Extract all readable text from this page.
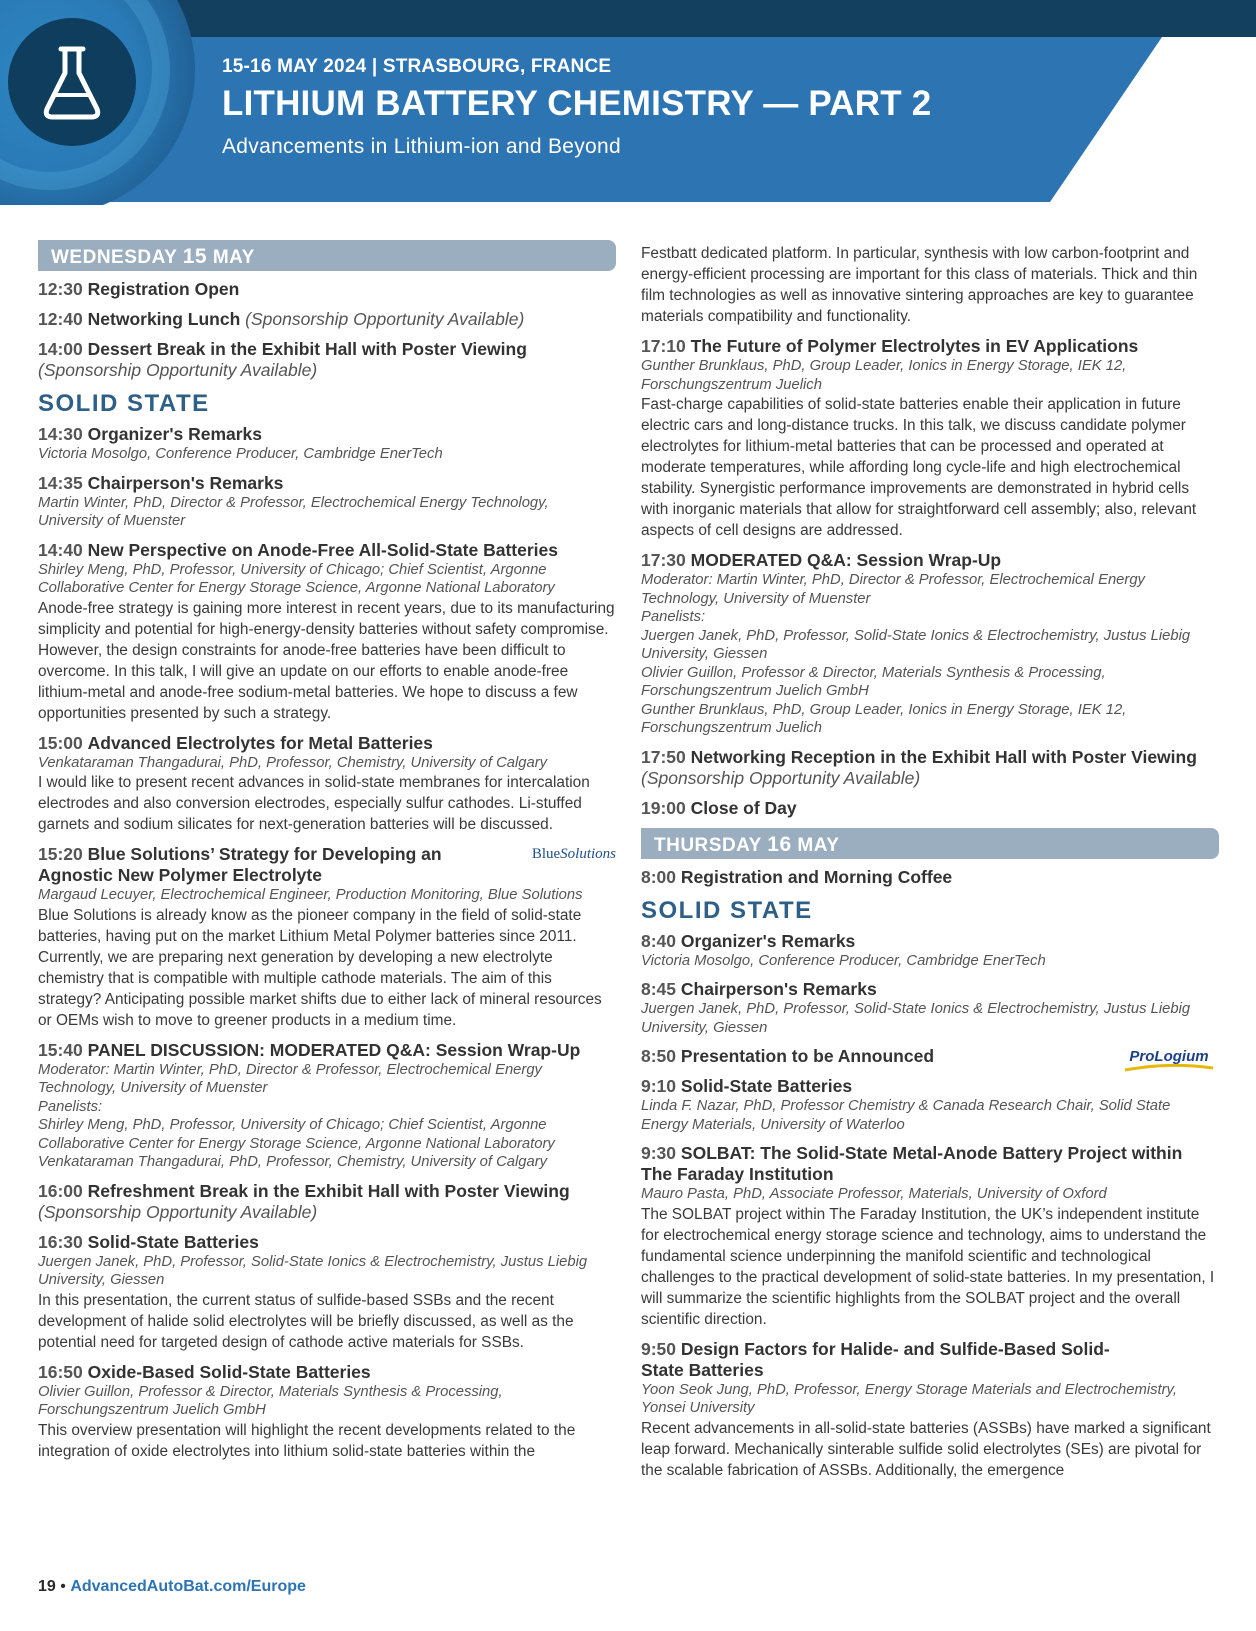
15-16 MAY 2024 | STRASBOURG, FRANCE
LITHIUM BATTERY CHEMISTRY — PART 2
Advancements in Lithium-ion and Beyond
WEDNESDAY 15 MAY
12:30 Registration Open
12:40 Networking Lunch (Sponsorship Opportunity Available)
14:00 Dessert Break in the Exhibit Hall with Poster Viewing
(Sponsorship Opportunity Available)
SOLID STATE
14:30 Organizer's Remarks
Victoria Mosolgo, Conference Producer, Cambridge EnerTech
14:35 Chairperson's Remarks
Martin Winter, PhD, Director & Professor, Electrochemical Energy Technology, University of Muenster
14:40 New Perspective on Anode-Free All-Solid-State Batteries
Shirley Meng, PhD, Professor, University of Chicago; Chief Scientist, Argonne Collaborative Center for Energy Storage Science, Argonne National Laboratory
Anode-free strategy is gaining more interest in recent years, due to its manufacturing simplicity and potential for high-energy-density batteries without safety compromise. However, the design constraints for anode-free batteries have been difficult to overcome. In this talk, I will give an update on our efforts to enable anode-free lithium-metal and anode-free sodium-metal batteries. We hope to discuss a few opportunities presented by such a strategy.
15:00 Advanced Electrolytes for Metal Batteries
Venkataraman Thangadurai, PhD, Professor, Chemistry, University of Calgary
I would like to present recent advances in solid-state membranes for intercalation electrodes and also conversion electrodes, especially sulfur cathodes. Li-stuffed garnets and sodium silicates for next-generation batteries will be discussed.
BlueSolutions
15:20 Blue Solutions’ Strategy for Developing an
Agnostic New Polymer Electrolyte
Margaud Lecuyer, Electrochemical Engineer, Production Monitoring, Blue Solutions
Blue Solutions is already know as the pioneer company in the field of solid-state batteries, having put on the market Lithium Metal Polymer batteries since 2011. Currently, we are preparing next generation by developing a new electrolyte chemistry that is compatible with multiple cathode materials. The aim of this strategy? Anticipating possible market shifts due to either lack of mineral resources or OEMs wish to move to greener products in a medium time.
15:40 PANEL DISCUSSION: MODERATED Q&A: Session Wrap-Up
Moderator: Martin Winter, PhD, Director & Professor, Electrochemical Energy Technology, University of Muenster
Panelists:
Shirley Meng, PhD, Professor, University of Chicago; Chief Scientist, Argonne Collaborative Center for Energy Storage Science, Argonne National Laboratory
Venkataraman Thangadurai, PhD, Professor, Chemistry, University of Calgary
16:00 Refreshment Break in the Exhibit Hall with Poster Viewing
(Sponsorship Opportunity Available)
16:30 Solid-State Batteries
Juergen Janek, PhD, Professor, Solid-State Ionics & Electrochemistry, Justus Liebig University, Giessen
In this presentation, the current status of sulfide-based SSBs and the recent development of halide solid electrolytes will be briefly discussed, as well as the potential need for targeted design of cathode active materials for SSBs.
16:50 Oxide-Based Solid-State Batteries
Olivier Guillon, Professor & Director, Materials Synthesis & Processing, Forschungszentrum Juelich GmbH
This overview presentation will highlight the recent developments related to the integration of oxide electrolytes into lithium solid-state batteries within the
Festbatt dedicated platform. In particular, synthesis with low carbon-footprint and energy-efficient processing are important for this class of materials. Thick and thin film technologies as well as innovative sintering approaches are key to guarantee materials compatibility and functionality.
17:10 The Future of Polymer Electrolytes in EV Applications
Gunther Brunklaus, PhD, Group Leader, Ionics in Energy Storage, IEK 12, Forschungszentrum Juelich
Fast-charge capabilities of solid-state batteries enable their application in future electric cars and long-distance trucks. In this talk, we discuss candidate polymer electrolytes for lithium-metal batteries that can be processed and operated at moderate temperatures, while affording long cycle-life and high electrochemical stability. Synergistic performance improvements are demonstrated in hybrid cells with inorganic materials that allow for straightforward cell assembly; also, relevant aspects of cell designs are addressed.
17:30 MODERATED Q&A: Session Wrap-Up
Moderator: Martin Winter, PhD, Director & Professor, Electrochemical Energy Technology, University of Muenster
Panelists:
Juergen Janek, PhD, Professor, Solid-State Ionics & Electrochemistry, Justus Liebig University, Giessen
Olivier Guillon, Professor & Director, Materials Synthesis & Processing, Forschungszentrum Juelich GmbH
Gunther Brunklaus, PhD, Group Leader, Ionics in Energy Storage, IEK 12, Forschungszentrum Juelich
17:50 Networking Reception in the Exhibit Hall with Poster Viewing
(Sponsorship Opportunity Available)
19:00 Close of Day
THURSDAY 16 MAY
8:00 Registration and Morning Coffee
SOLID STATE
8:40 Organizer's Remarks
Victoria Mosolgo, Conference Producer, Cambridge EnerTech
8:45 Chairperson's Remarks
Juergen Janek, PhD, Professor, Solid-State Ionics & Electrochemistry, Justus Liebig University, Giessen
ProLogium
8:50 Presentation to be Announced
9:10 Solid-State Batteries
Linda F. Nazar, PhD, Professor Chemistry & Canada Research Chair, Solid State Energy Materials, University of Waterloo
9:30 SOLBAT: The Solid-State Metal-Anode Battery Project within
The Faraday Institution
Mauro Pasta, PhD, Associate Professor, Materials, University of Oxford
The SOLBAT project within The Faraday Institution, the UK’s independent institute for electrochemical energy storage science and technology, aims to understand the fundamental science underpinning the manifold scientific and technological challenges to the practical development of solid-state batteries. In my presentation, I will summarize the scientific highlights from the SOLBAT project and the overall scientific direction.
9:50 Design Factors for Halide- and Sulfide-Based Solid-
State Batteries
Yoon Seok Jung, PhD, Professor, Energy Storage Materials and Electrochemistry, Yonsei University
Recent advancements in all-solid-state batteries (ASSBs) have marked a significant leap forward. Mechanically sinterable sulfide solid electrolytes (SEs) are pivotal for the scalable fabrication of ASSBs. Additionally, the emergence
19 • AdvancedAutoBat.com/Europe
